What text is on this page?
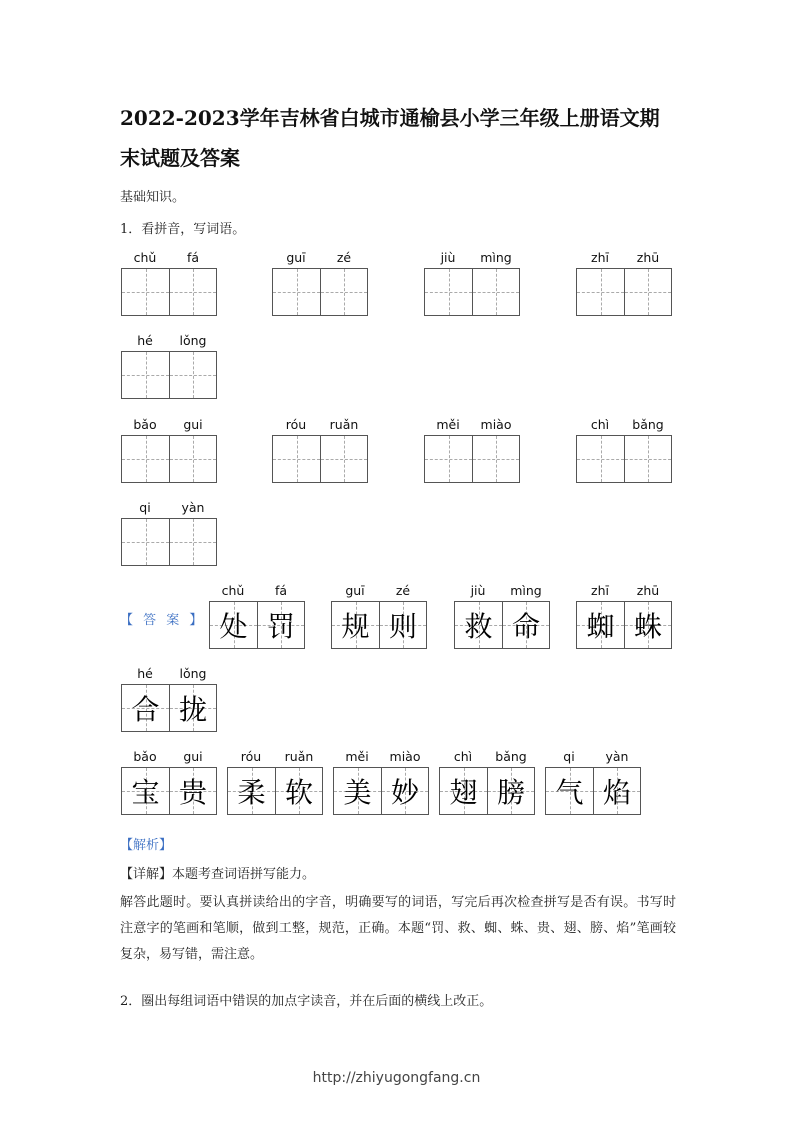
2022-2023学年吉林省白城市通榆县小学三年级上册语文期
末试题及答案
基础知识。
1．看拼音，写词语。
chǔ	fá	guī	zé	jiù	mìng	zhī	zhū
hé	lǒng
bǎo	gui	róu	ruǎn	měi	miào	chì	bǎng
qi	yàn
chǔ	fá
处 罚
guī	zé
规 则
jiù	mìng
救 命
zhī	zhū
蜘 蛛
hé	lǒng
合 拢
bǎo	gui
宝 贵
róu	ruǎn
柔 软
měi	miào
美 妙
chì	bǎng
翅 膀
qi	yàn
气 焰
【 答 案 】
【解析】
【详解】本题考查词语拼写能力。
解答此题时。要认真拼读给出的字音，明确要写的词语，写完后再次检查拼写是否有误。书写时注意字的笔画和笔顺，做到工整，规范，正确。本题“罚、救、蜘、蛛、贵、翅、膀、焰”笔画较复杂，易写错，需注意。
2．圈出每组词语中错误的加点字读音，并在后面的横线上改正。
http://zhiyugongfang.cn
